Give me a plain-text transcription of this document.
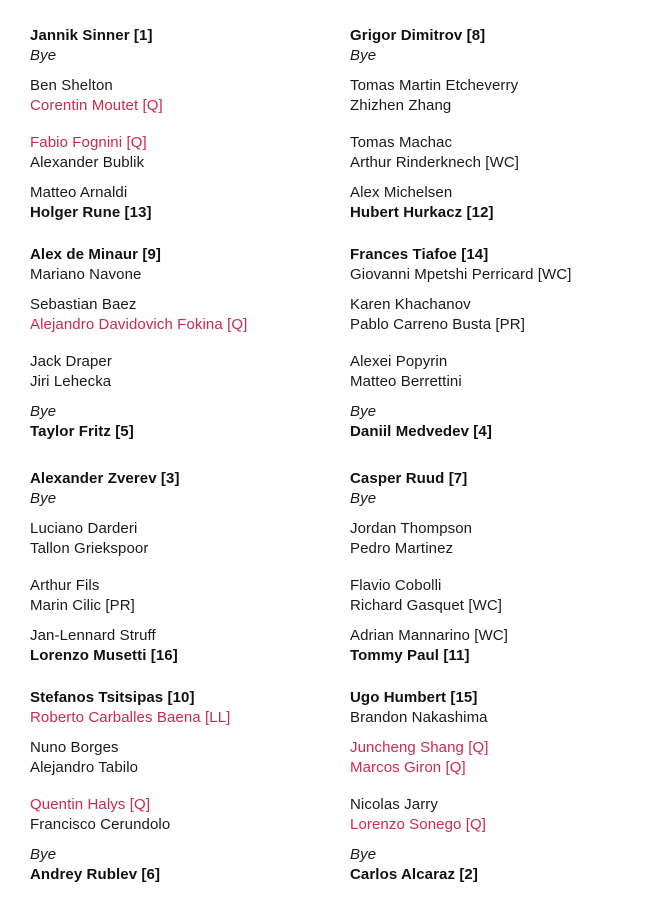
Jannik Sinner [1]
Bye
Ben Shelton
Corentin Moutet [Q]
Fabio Fognini [Q]
Alexander Bublik
Matteo Arnaldi
Holger Rune [13]
Alex de Minaur [9]
Mariano Navone
Sebastian Baez
Alejandro Davidovich Fokina [Q]
Jack Draper
Jiri Lehecka
Bye
Taylor Fritz [5]
Alexander Zverev [3]
Bye
Luciano Darderi
Tallon Griekspoor
Arthur Fils
Marin Cilic [PR]
Jan-Lennard Struff
Lorenzo Musetti [16]
Stefanos Tsitsipas [10]
Roberto Carballes Baena [LL]
Nuno Borges
Alejandro Tabilo
Quentin Halys [Q]
Francisco Cerundolo
Bye
Andrey Rublev [6]
Grigor Dimitrov [8]
Bye
Tomas Martin Etcheverry
Zhizhen Zhang
Tomas Machac
Arthur Rinderknech [WC]
Alex Michelsen
Hubert Hurkacz [12]
Frances Tiafoe [14]
Giovanni Mpetshi Perricard [WC]
Karen Khachanov
Pablo Carreno Busta [PR]
Alexei Popyrin
Matteo Berrettini
Bye
Daniil Medvedev [4]
Casper Ruud [7]
Bye
Jordan Thompson
Pedro Martinez
Flavio Cobolli
Richard Gasquet [WC]
Adrian Mannarino [WC]
Tommy Paul [11]
Ugo Humbert [15]
Brandon Nakashima
Juncheng Shang [Q]
Marcos Giron [Q]
Nicolas Jarry
Lorenzo Sonego [Q]
Bye
Carlos Alcaraz [2]
